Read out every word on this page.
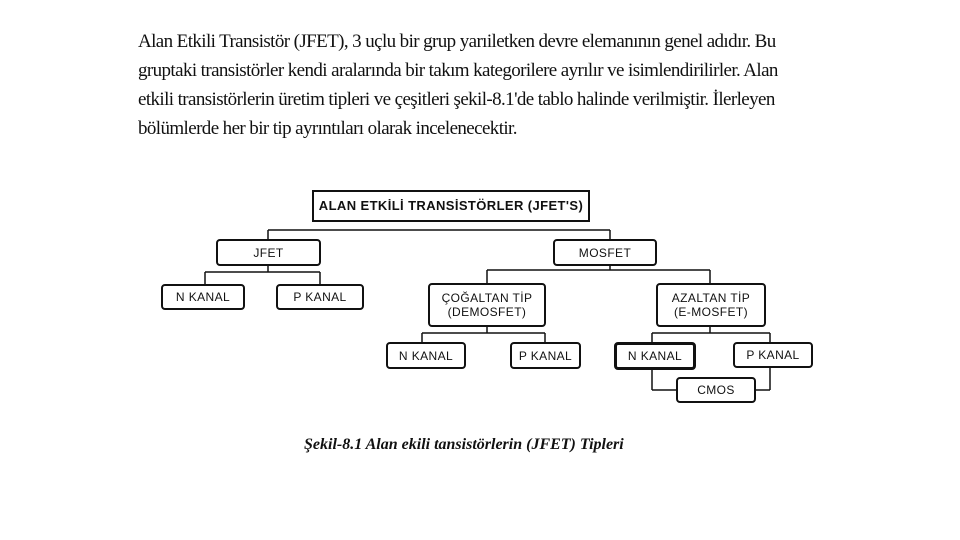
Alan Etkili Transistör (JFET), 3 uçlu bir grup yarıiletken devre elemanının genel adıdır. Bu
gruptaki transistörler kendi aralarında bir takım kategorilere ayrılır ve isimlendirilirler. Alan
etkili transistörlerin üretim tipleri ve çeşitleri şekil-8.1'de tablo halinde verilmiştir. İlerleyen
bölümlerde her bir tip ayrıntıları olarak incelenecektir.
ALAN ETKİLİ TRANSİSTÖRLER (JFET'S)
JFET	MOSFET
N KANAL	P KANAL	ÇOĞALTAN TİP
(DEMOSFET)
AZALTAN TİP
(E-MOSFET)
N KANAL	P KANAL	N KANAL	P KANAL
CMOS
Şekil-8.1 Alan ekili tansistörlerin (JFET) Tipleri
